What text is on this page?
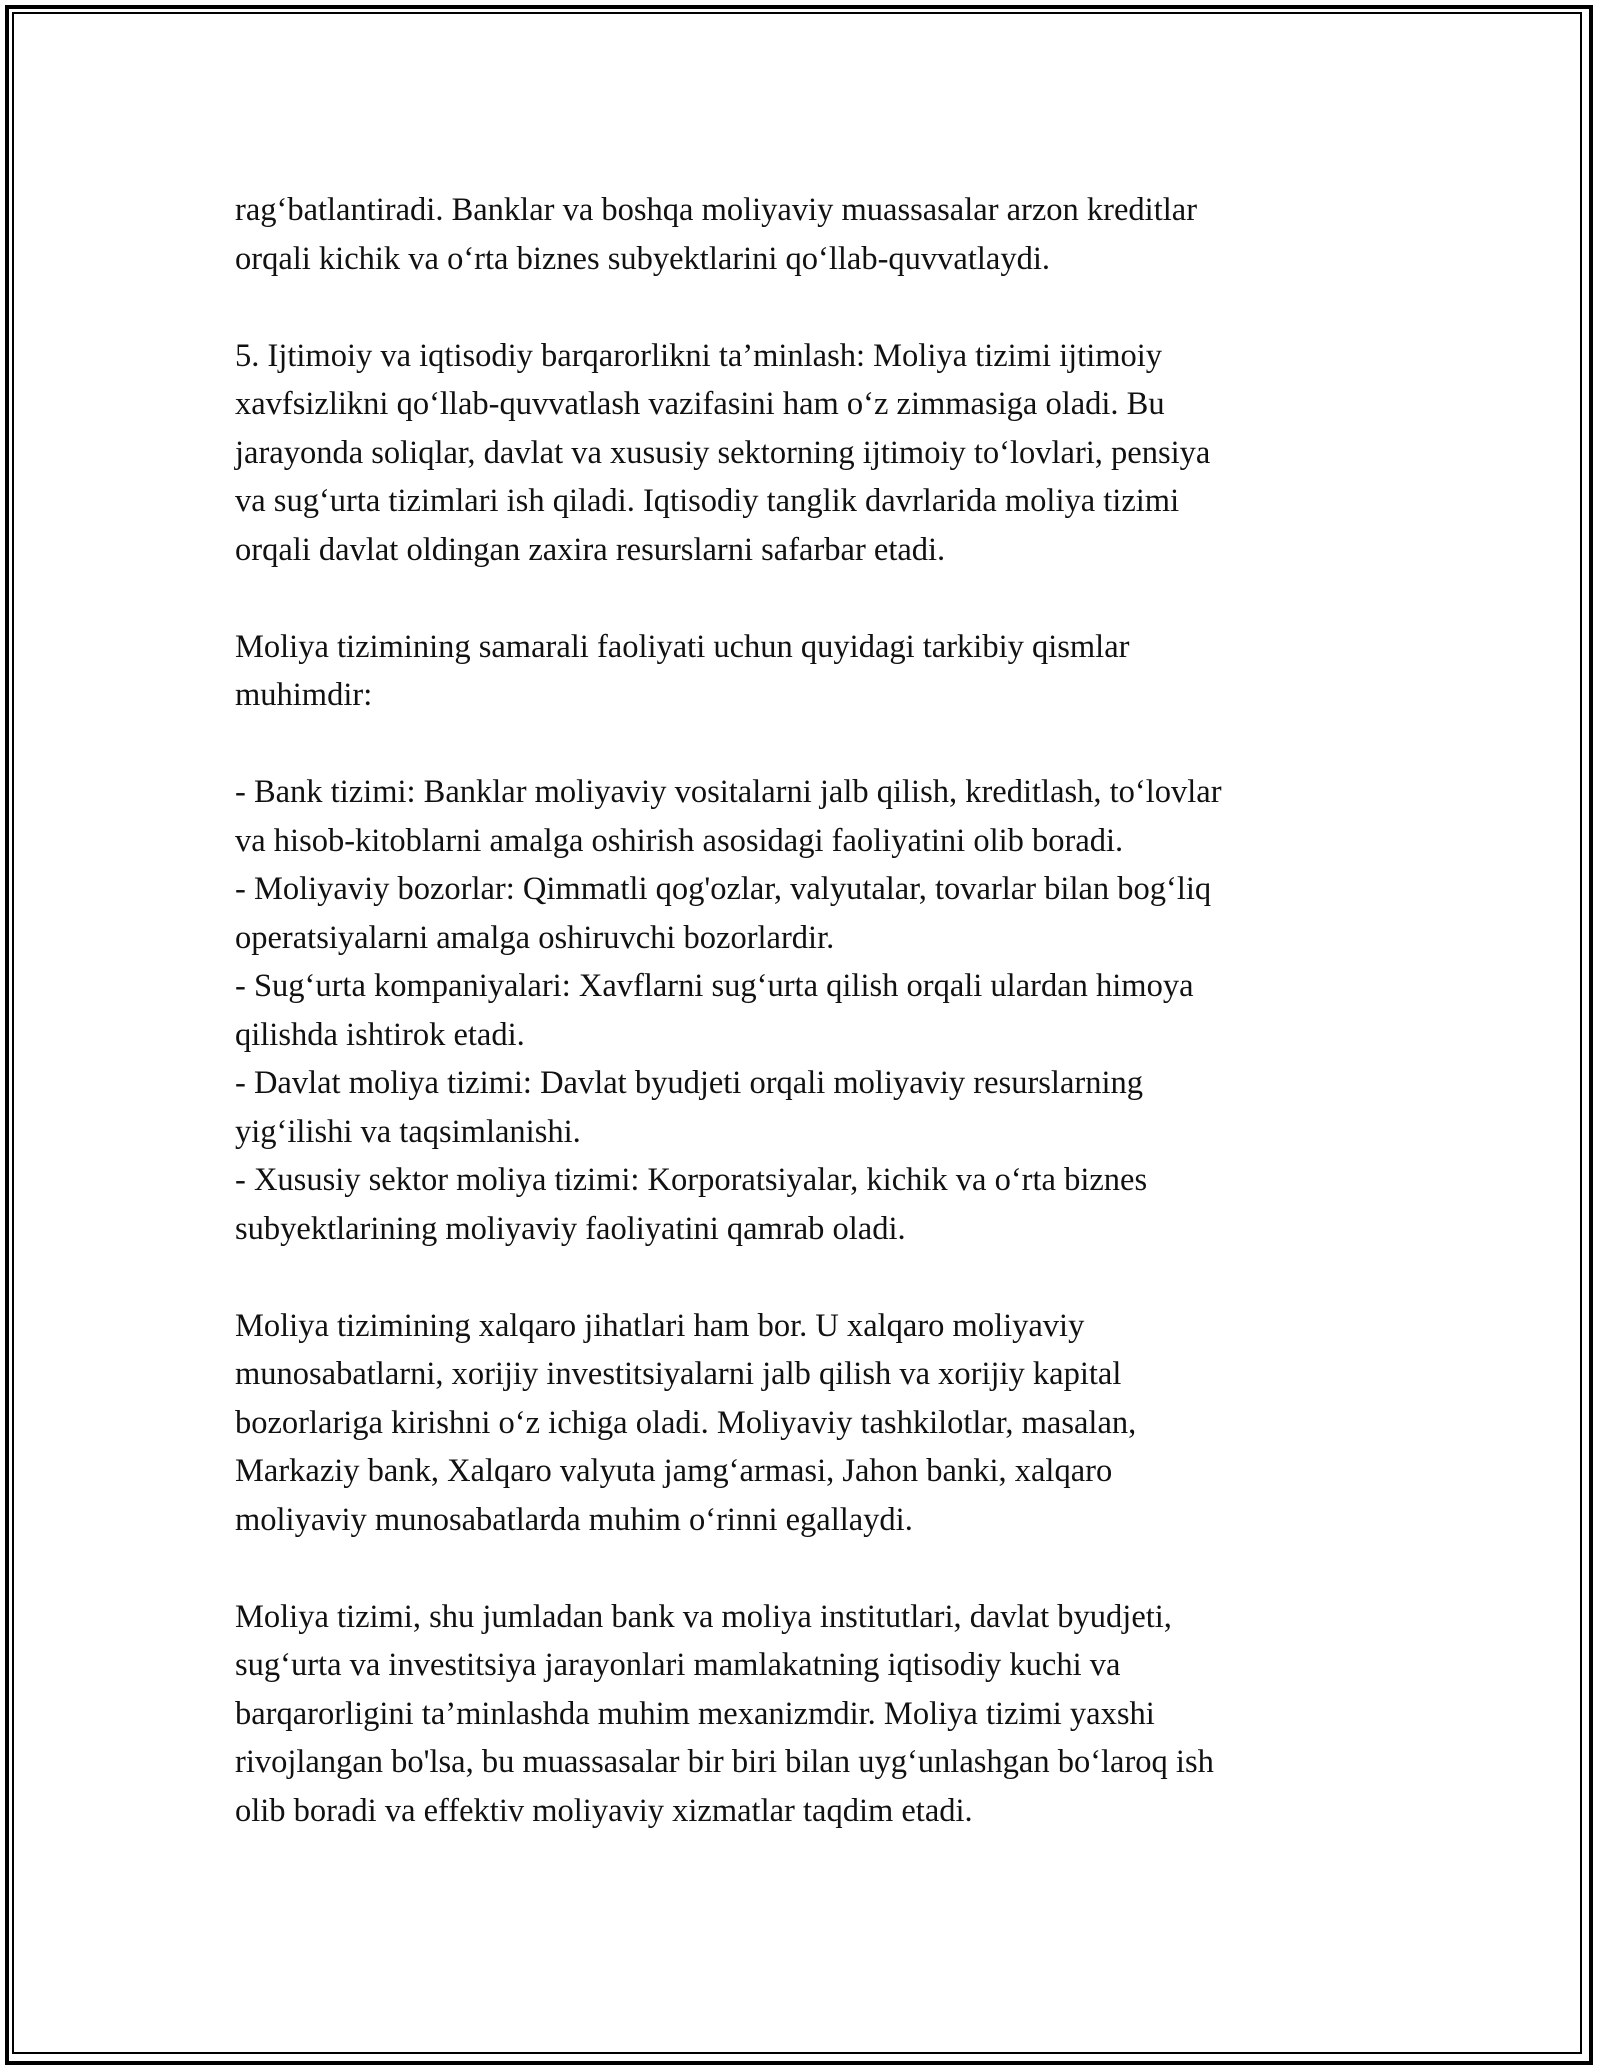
rag‘batlantiradi. Banklar va boshqa moliyaviy muassasalar arzon kreditlar
orqali kichik va o‘rta biznes subyektlarini qo‘llab-quvvatlaydi.

5. Ijtimoiy va iqtisodiy barqarorlikni ta’minlash: Moliya tizimi ijtimoiy
xavfsizlikni qo‘llab-quvvatlash vazifasini ham o‘z zimmasiga oladi. Bu
jarayonda soliqlar, davlat va xususiy sektorning ijtimoiy to‘lovlari, pensiya
va sug‘urta tizimlari ish qiladi. Iqtisodiy tanglik davrlarida moliya tizimi
orqali davlat oldingan zaxira resurslarni safarbar etadi.

Moliya tizimining samarali faoliyati uchun quyidagi tarkibiy qismlar
muhimdir:

- Bank tizimi: Banklar moliyaviy vositalarni jalb qilish, kreditlash, to‘lovlar
va hisob-kitoblarni amalga oshirish asosidagi faoliyatini olib boradi.
- Moliyaviy bozorlar: Qimmatli qog'ozlar, valyutalar, tovarlar bilan bog‘liq
operatsiyalarni amalga oshiruvchi bozorlardir.
- Sug‘urta kompaniyalari: Xavflarni sug‘urta qilish orqali ulardan himoya
qilishda ishtirok etadi.
- Davlat moliya tizimi: Davlat byudjeti orqali moliyaviy resurslarning
yig‘ilishi va taqsimlanishi.
- Xususiy sektor moliya tizimi: Korporatsiyalar, kichik va o‘rta biznes
subyektlarining moliyaviy faoliyatini qamrab oladi.

Moliya tizimining xalqaro jihatlari ham bor. U xalqaro moliyaviy
munosabatlarni, xorijiy investitsiyalarni jalb qilish va xorijiy kapital
bozorlariga kirishni o‘z ichiga oladi. Moliyaviy tashkilotlar, masalan,
Markaziy bank, Xalqaro valyuta jamg‘armasi, Jahon banki, xalqaro
moliyaviy munosabatlarda muhim o‘rinni egallaydi.

Moliya tizimi, shu jumladan bank va moliya institutlari, davlat byudjeti,
sug‘urta va investitsiya jarayonlari mamlakatning iqtisodiy kuchi va
barqarorligini ta’minlashda muhim mexanizmdir. Moliya tizimi yaxshi
rivojlangan bo'lsa, bu muassasalar bir biri bilan uyg‘unlashgan bo‘laroq ish
olib boradi va effektiv moliyaviy xizmatlar taqdim etadi.
